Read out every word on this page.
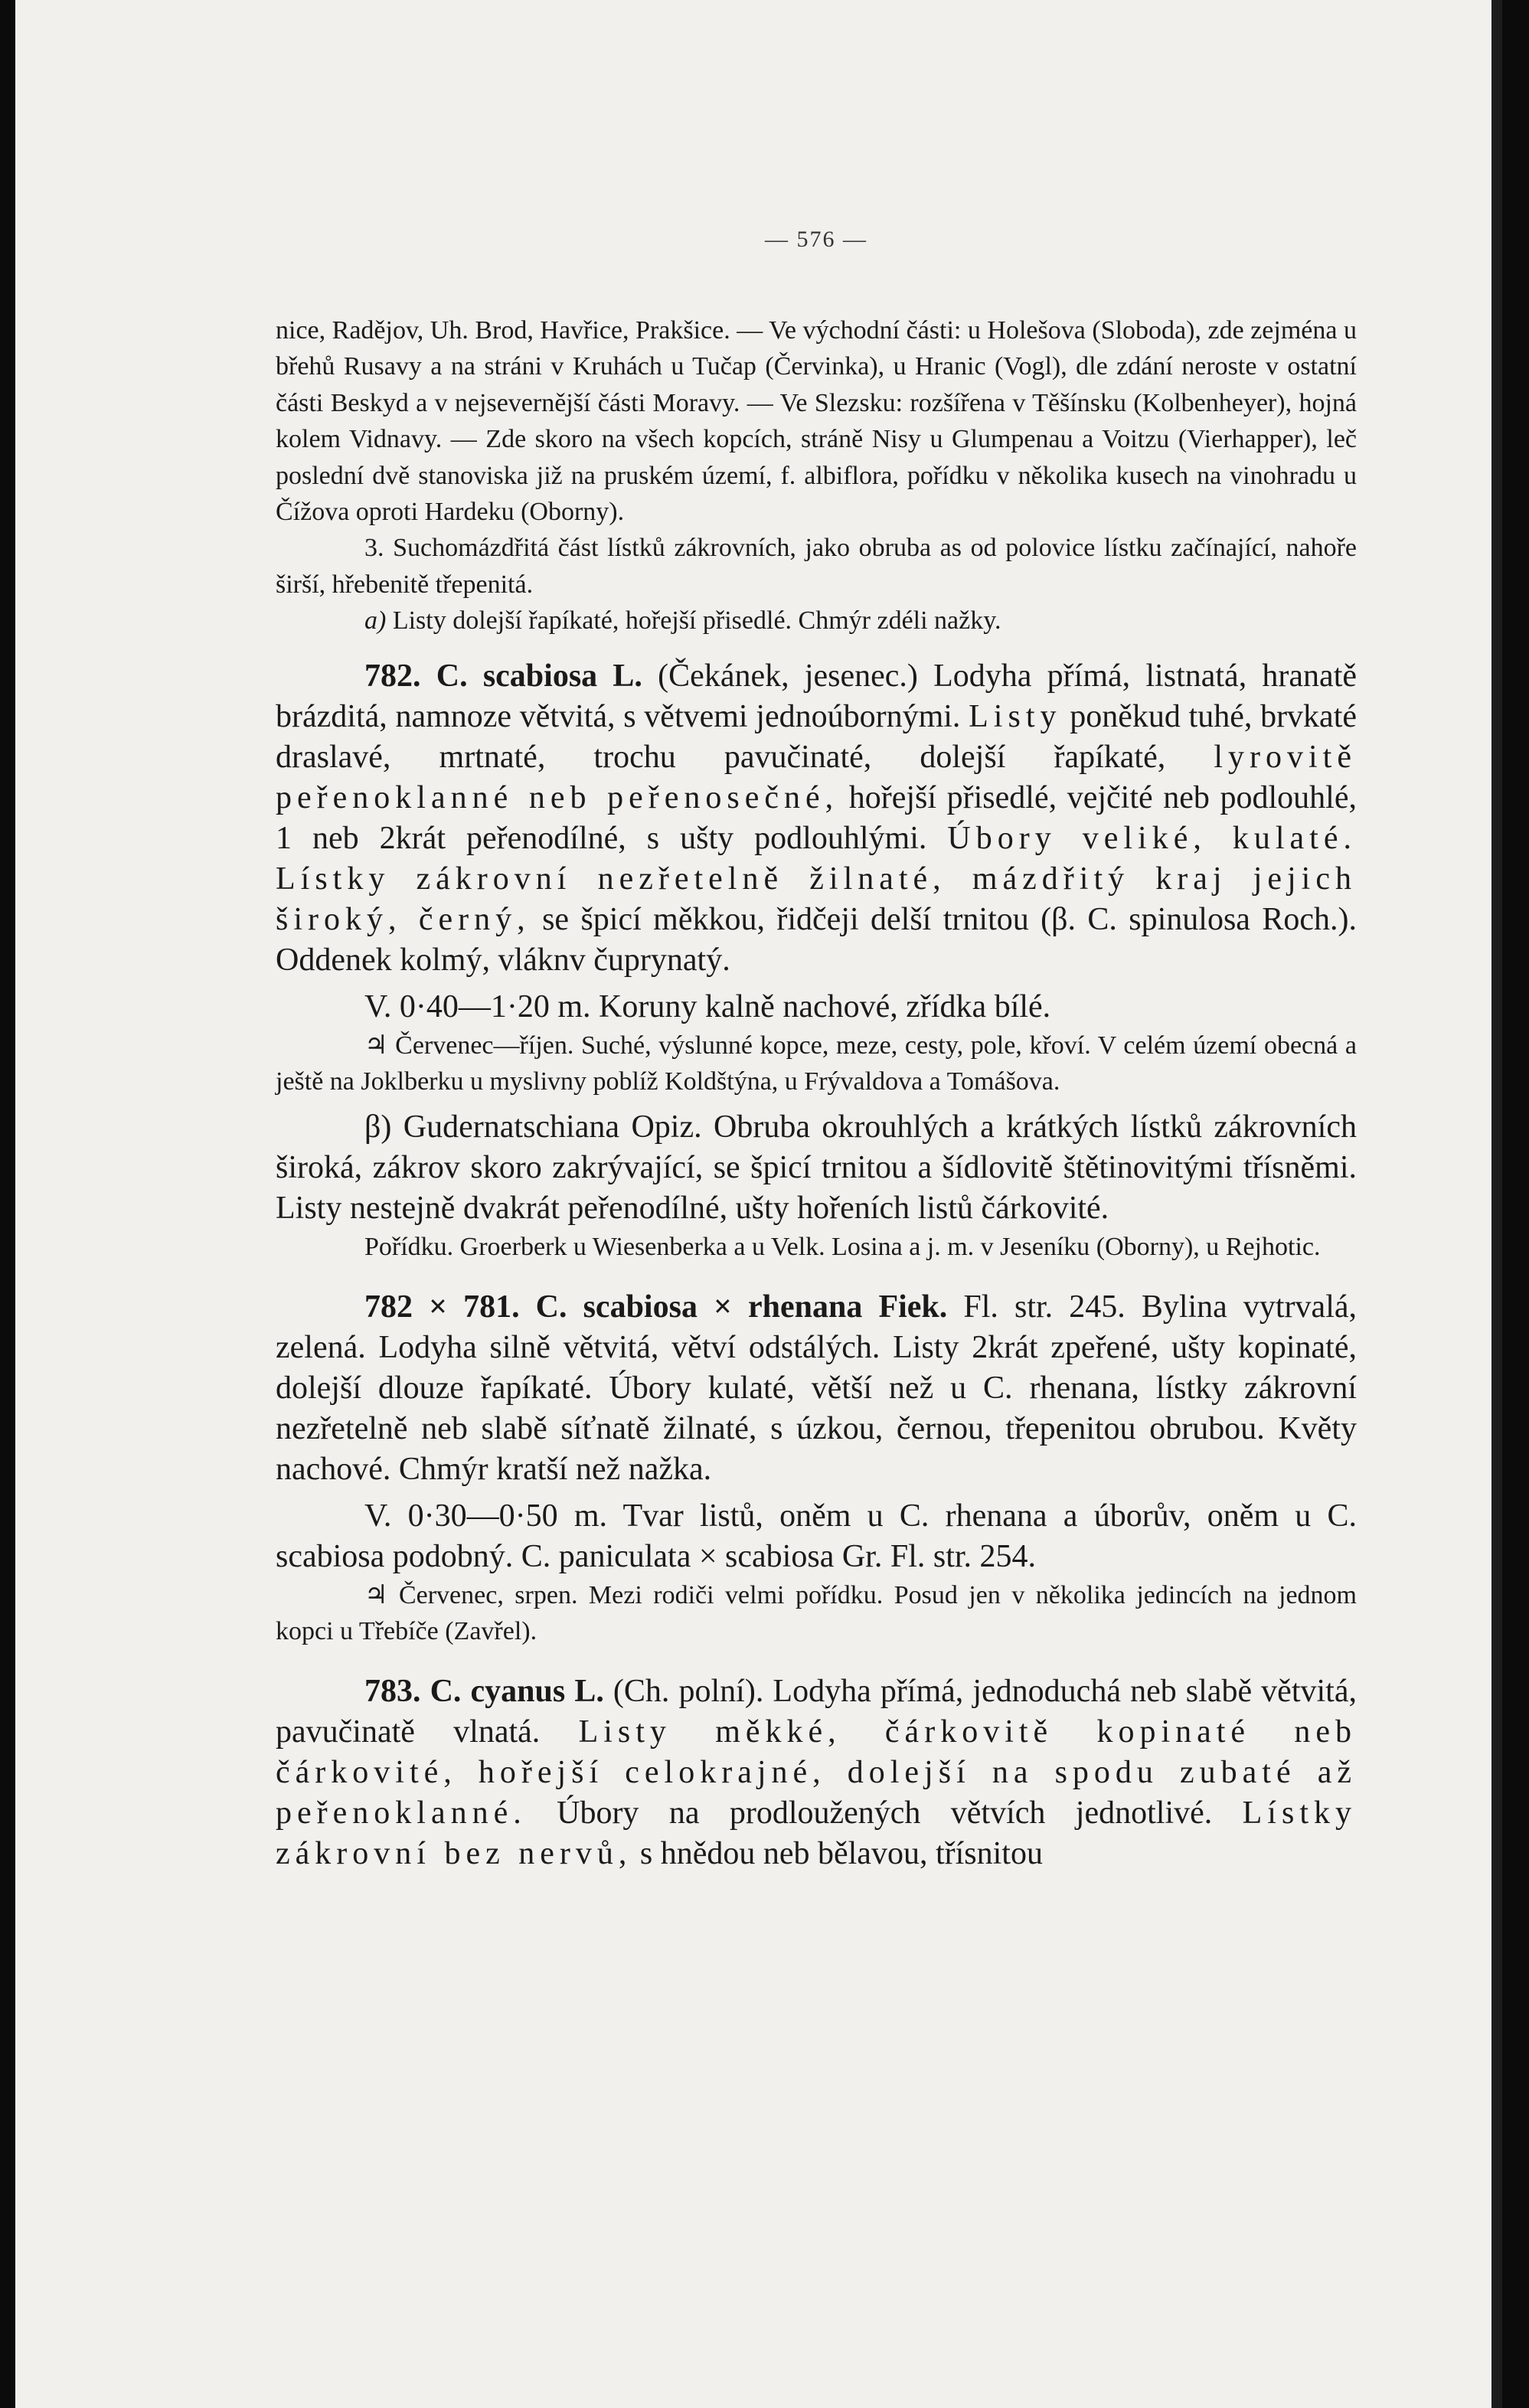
— 576 —

nice, Radějov, Uh. Brod, Havřice, Prakšice. — Ve východní části: u Holešova (Sloboda), zde zejména u břehů Rusavy a na stráni v Kruhách u Tučap (Červinka), u Hranic (Vogl), dle zdání neroste v ostatní části Beskyd a v nejsevernější části Moravy. — Ve Slezsku: rozšířena v Těšínsku (Kolbenheyer), hojná kolem Vidnavy. — Zde skoro na všech kopcích, stráně Nisy u Glumpenau a Voitzu (Vierhapper), leč poslední dvě stanoviska již na pruském území, f. albiflora, pořídku v několika kusech na vinohradu u Čížova oproti Hardeku (Oborny).

3. Suchomázdřitá část lístků zákrovních, jako obruba as od polovice lístku začínající, nahoře širší, hřebenitě třepenitá.

a) Listy dolejší řapíkaté, hořejší přisedlé. Chmýr zdéli nažky.

782. C. scabiosa L. (Čekánek, jesenec.) Lodyha přímá, listnatá, hranatě brázditá, namnoze větvitá, s větvemi jednoúbornými. Listy poněkud tuhé, brvkaté draslavé, mrtnaté, trochu pavučinaté, dolejší řapíkaté, lyrovitě peřenoklanné neb peřenosečné, hořejší přisedlé, vejčité neb podlouhlé, 1 neb 2krát peřenodílné, s ušty podlouhlými. Úbory veliké, kulaté. Lístky zákrovní nezřetelně žilnaté, mázdřitý kraj jejich široký, černý, se špicí měkkou, řidčeji delší trnitou (β. C. spinulosa Roch.). Oddenek kolmý, vláknv čuprynatý.

V. 0·40—1·20 m. Koruny kalně nachové, zřídka bílé.

♃ Červenec—říjen. Suché, výslunné kopce, meze, cesty, pole, křoví. V celém území obecná a ještě na Joklberku u myslivny poblíž Koldštýna, u Frývaldova a Tomášova.

β) Gudernatschiana Opiz. Obruba okrouhlých a krátkých lístků zákrovních široká, zákrov skoro zakrývající, se špicí trnitou a šídlovitě štětinovitými třísněmi. Listy nestejně dvakrát peřenodílné, ušty hořeních listů čárkovité.

Pořídku. Groerberk u Wiesenberka a u Velk. Losina a j. m. v Jeseníku (Oborny), u Rejhotic.

782 × 781. C. scabiosa × rhenana Fiek. Fl. str. 245. Bylina vytrvalá, zelená. Lodyha silně větvitá, větví odstálých. Listy 2krát zpeřené, ušty kopinaté, dolejší dlouze řapíkaté. Úbory kulaté, větší než u C. rhenana, lístky zákrovní nezřetelně neb slabě síťnatě žilnaté, s úzkou, černou, třepenitou obrubou. Květy nachové. Chmýr kratší než nažka.

V. 0·30—0·50 m. Tvar listů, oněm u C. rhenana a úborův, oněm u C. scabiosa podobný. C. paniculata × scabiosa Gr. Fl. str. 254.

♃ Červenec, srpen. Mezi rodiči velmi pořídku. Posud jen v několika jedincích na jednom kopci u Třebíče (Zavřel).

783. C. cyanus L. (Ch. polní). Lodyha přímá, jednoduchá neb slabě větvitá, pavučinatě vlnatá. Listy měkké, čárkovitě kopinaté neb čárkovité, hořejší celokrajné, dolejší na spodu zubaté až peřenoklanné. Úbory na prodloužených větvích jednotlivé. Lístky zákrovní bez nervů, s hnědou neb bělavou, třísnitou
